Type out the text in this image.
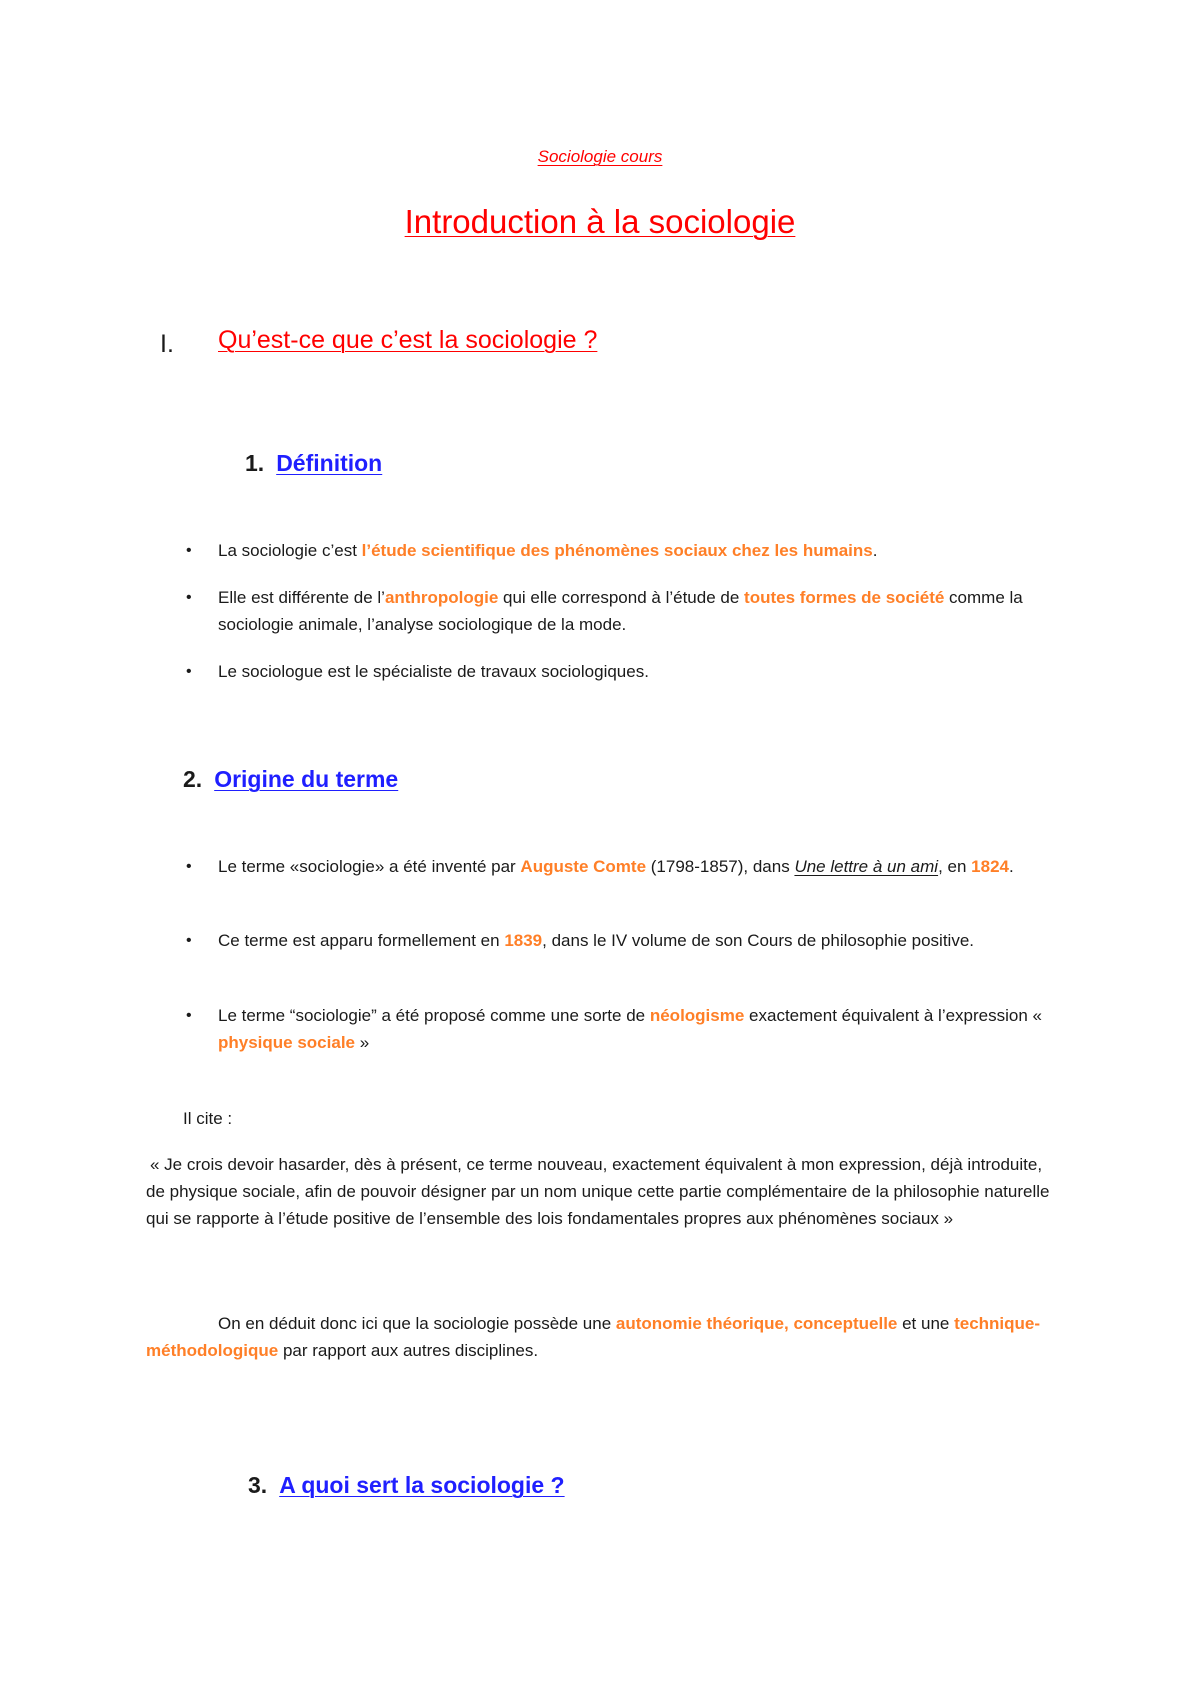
Sociologie cours

Introduction à la sociologie

I. Qu’est-ce que c’est la sociologie ?

1. Définition

• La sociologie c’est l’étude scientifique des phénomènes sociaux chez les humains.

• Elle est différente de l’anthropologie qui elle correspond à l’étude de toutes formes de société comme la sociologie animale, l’analyse sociologique de la mode.

• Le sociologue est le spécialiste de travaux sociologiques.

2. Origine du terme

• Le terme «sociologie» a été inventé par Auguste Comte (1798-1857), dans Une lettre à un ami, en 1824.

• Ce terme est apparu formellement en 1839, dans le IV volume de son Cours de philosophie positive.

• Le terme “sociologie” a été proposé comme une sorte de néologisme exactement équivalent à l’expression « physique sociale »

Il cite :

« Je crois devoir hasarder, dès à présent, ce terme nouveau, exactement équivalent à mon expression, déjà introduite, de physique sociale, afin de pouvoir désigner par un nom unique cette partie complémentaire de la philosophie naturelle qui se rapporte à l’étude positive de l’ensemble des lois fondamentales propres aux phénomènes sociaux »

On en déduit donc ici que la sociologie possède une autonomie théorique, conceptuelle et une technique-méthodologique par rapport aux autres disciplines.

3. A quoi sert la sociologie ?
